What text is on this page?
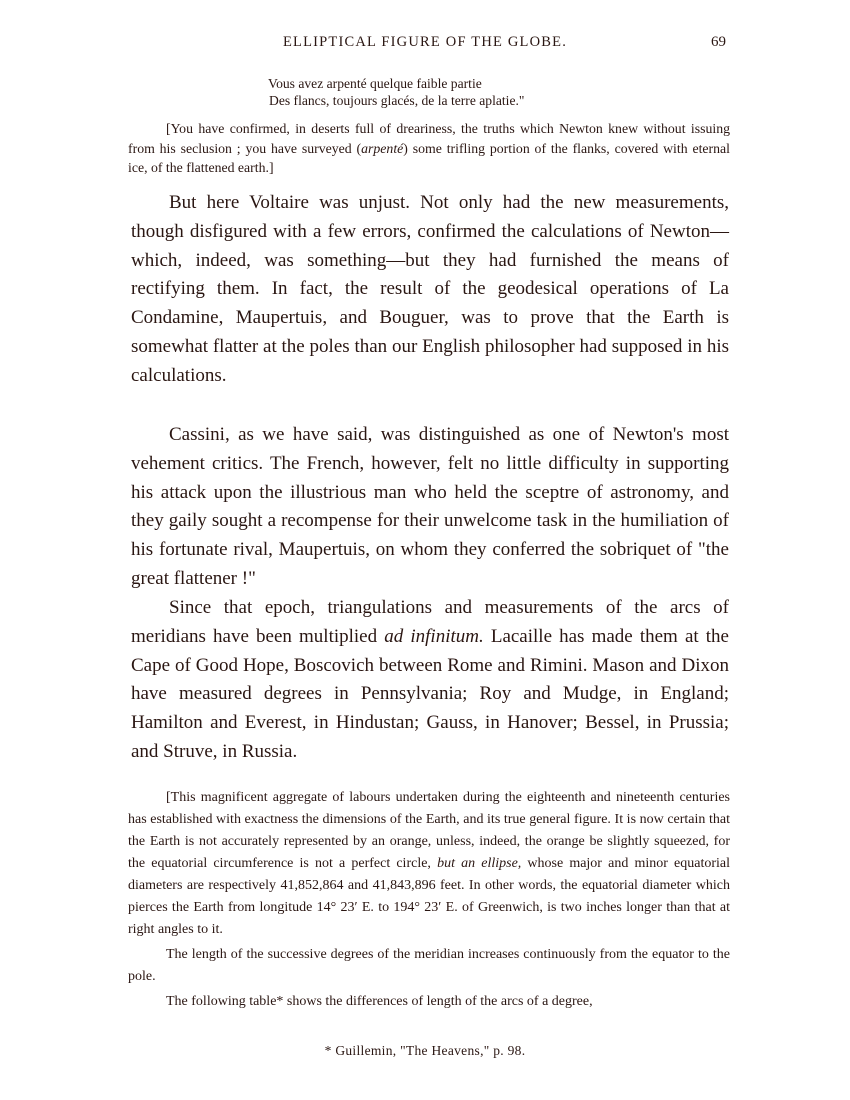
ELLIPTICAL FIGURE OF THE GLOBE.	69
Vous avez arpenté quelque faible partie
Des flancs, toujours glacés, de la terre aplatie."

[You have confirmed, in deserts full of dreariness, the truths which Newton knew without issuing from his seclusion ; you have surveyed (arpenté) some trifling portion of the flanks, covered with eternal ice, of the flattened earth.]

But here Voltaire was unjust. Not only had the new measurements, though disfigured with a few errors, confirmed the calculations of Newton—which, indeed, was something—but they had furnished the means of rectifying them. In fact, the result of the geodesical operations of La Condamine, Maupertuis, and Bouguer, was to prove that the Earth is somewhat flatter at the poles than our English philosopher had supposed in his calculations.

Cassini, as we have said, was distinguished as one of Newton's most vehement critics. The French, however, felt no little difficulty in supporting his attack upon the illustrious man who held the sceptre of astronomy, and they gaily sought a recompense for their unwelcome task in the humiliation of his fortunate rival, Maupertuis, on whom they conferred the sobriquet of "the great flattener !"

Since that epoch, triangulations and measurements of the arcs of meridians have been multiplied ad infinitum. Lacaille has made them at the Cape of Good Hope, Boscovich between Rome and Rimini. Mason and Dixon have measured degrees in Pennsylvania; Roy and Mudge, in England; Hamilton and Everest, in Hindustan; Gauss, in Hanover; Bessel, in Prussia; and Struve, in Russia.

[This magnificent aggregate of labours undertaken during the eighteenth and nineteenth centuries has established with exactness the dimensions of the Earth, and its true general figure. It is now certain that the Earth is not accurately represented by an orange, unless, indeed, the orange be slightly squeezed, for the equatorial circumference is not a perfect circle, but an ellipse, whose major and minor equatorial diameters are respectively 41,852,864 and 41,843,896 feet. In other words, the equatorial diameter which pierces the Earth from longitude 14° 23′ E. to 194° 23′ E. of Greenwich, is two inches longer than that at right angles to it.

The length of the successive degrees of the meridian increases continuously from the equator to the pole.

The following table* shows the differences of length of the arcs of a degree,

* Guillemin, "The Heavens," p. 98.
